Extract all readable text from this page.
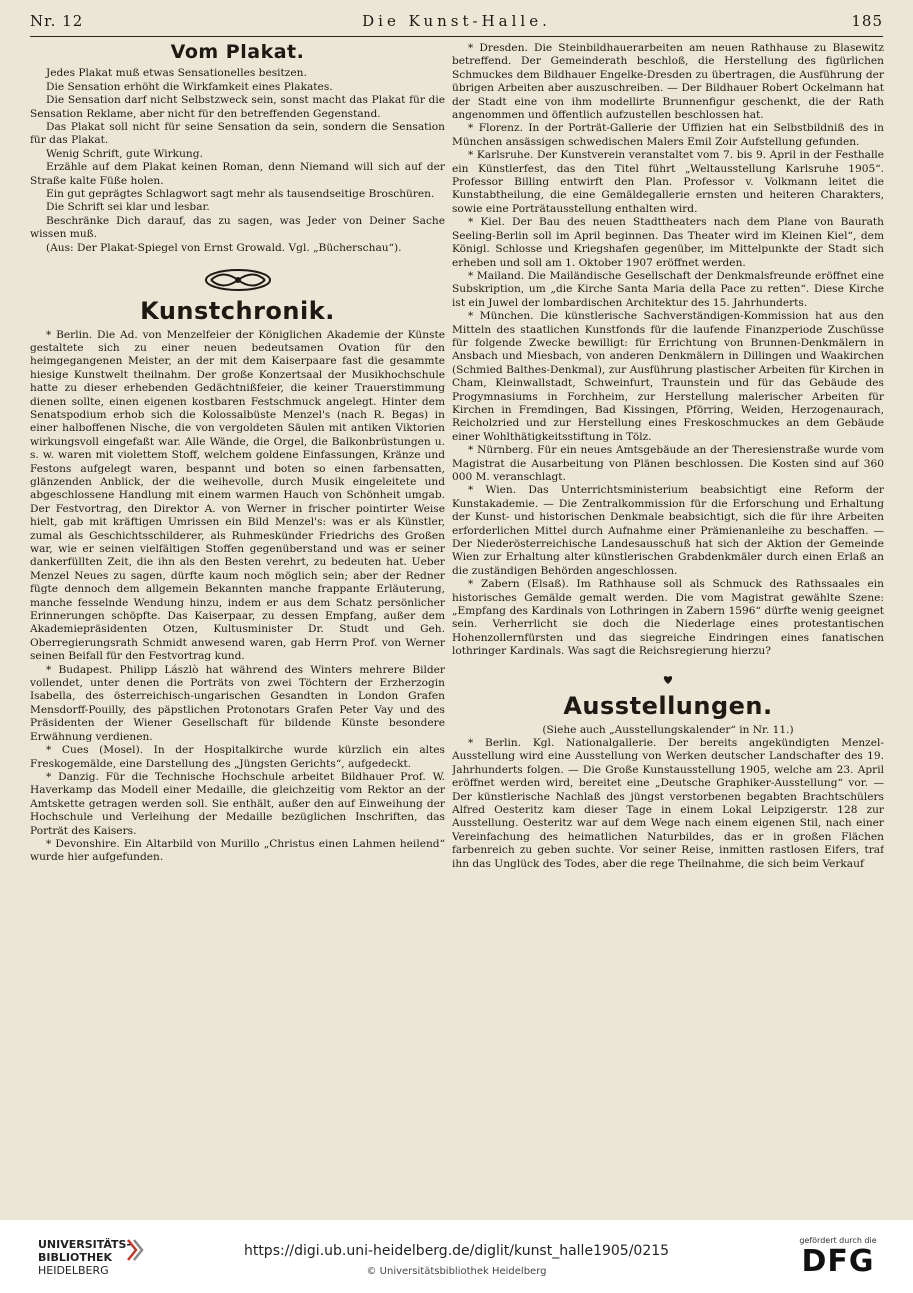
Nr. 12	Die Kunst-Halle.	185
Vom Plakat.

Jedes Plakat muß etwas Sensationelles besitzen.

Die Sensation erhöht die Wirkfamkeit eines Plakates.

Die Sensation darf nicht Selbstzweck sein, sonst macht das Plakat für die Sensation Reklame, aber nicht für den betreffenden Gegenstand.

Das Plakat soll nicht für seine Sensation da sein, sondern die Sensation für das Plakat.

Wenig Schrift, gute Wirkung.

Erzähle auf dem Plakat keinen Roman, denn Niemand will sich auf der Straße kalte Füße holen.

Ein gut geprägtes Schlagwort sagt mehr als tausendseitige Broschüren.

Die Schrift sei klar und lesbar.

Beschränke Dich darauf, das zu sagen, was Jeder von Deiner Sache wissen muß.

(Aus: Der Plakat-Spiegel von Ernst Growald. Vgl. „Bücherschau“).

Kunstchronik.

* Berlin. Die Ad. von Menzelfeier der Königlichen Akademie der Künste gestaltete sich zu einer neuen bedeutsamen Ovation für den heimgegangenen Meister, an der mit dem Kaiserpaare fast die gesammte hiesige Kunstwelt theilnahm. Der große Konzertsaal der Musikhochschule hatte zu dieser erhebenden Gedächtnißfeier, die keiner Trauerstimmung dienen sollte, einen eigenen kostbaren Festschmuck angelegt. Hinter dem Senatspodium erhob sich die Kolossalbüste Menzel's (nach R. Begas) in einer halboffenen Nische, die von vergoldeten Säulen mit antiken Viktorien wirkungsvoll eingefaßt war. Alle Wände, die Orgel, die Balkonbrüstungen u. s. w. waren mit violettem Stoff, welchem goldene Einfassungen, Kränze und Festons aufgelegt waren, bespannt und boten so einen farbensatten, glänzenden Anblick, der die weihevolle, durch Musik eingeleitete und abgeschlossene Handlung mit einem warmen Hauch von Schönheit umgab. Der Festvortrag, den Direktor A. von Werner in frischer pointirter Weise hielt, gab mit kräftigen Umrissen ein Bild Menzel's: was er als Künstler, zumal als Geschichtsschilderer, als Ruhmeskünder Friedrichs des Großen war, wie er seinen vielfältigen Stoffen gegenüberstand und was er seiner dankerfüllten Zeit, die ihn als den Besten verehrt, zu bedeuten hat. Ueber Menzel Neues zu sagen, dürfte kaum noch möglich sein; aber der Redner fügte dennoch dem allgemein Bekannten manche frappante Erläuterung, manche fesselnde Wendung hinzu, indem er aus dem Schatz persönlicher Erinnerungen schöpfte. Das Kaiserpaar, zu dessen Empfang, außer dem Akademiepräsidenten Otzen, Kultusminister Dr. Studt und Geh. Oberregierungsrath Schmidt anwesend waren, gab Herrn Prof. von Werner seinen Beifall für den Festvortrag kund.

* Budapest. Philipp Lászlò hat während des Winters mehrere Bilder vollendet, unter denen die Porträts von zwei Töchtern der Erzherzogin Isabella, des österreichisch-ungarischen Gesandten in London Grafen Mensdorff-Pouilly, des päpstlichen Protonotars Grafen Peter Vay und des Präsidenten der Wiener Gesellschaft für bildende Künste besondere Erwähnung verdienen.

* Cues (Mosel). In der Hospitalkirche wurde kürzlich ein altes Freskogemälde, eine Darstellung des „Jüngsten Gerichts“, aufgedeckt.

* Danzig. Für die Technische Hochschule arbeitet Bildhauer Prof. W. Haverkamp das Modell einer Medaille, die gleichzeitig vom Rektor an der Amtskette getragen werden soll. Sie enthält, außer den auf Einweihung der Hochschule und Verleihung der Medaille bezüglichen Inschriften, das Porträt des Kaisers.

* Devonshire. Ein Altarbild von Murillo „Christus einen Lahmen heilend“ wurde hier aufgefunden.

* Dresden. Die Steinbildhauerarbeiten am neuen Rathhause zu Blasewitz betreffend. Der Gemeinderath beschloß, die Herstellung des figürlichen Schmuckes dem Bildhauer Engelke-Dresden zu übertragen, die Ausführung der übrigen Arbeiten aber auszuschreiben. — Der Bildhauer Robert Ockelmann hat der Stadt eine von ihm modellirte Brunnenfigur geschenkt, die der Rath angenommen und öffentlich aufzustellen beschlossen hat.

* Florenz. In der Porträt-Gallerie der Uffizien hat ein Selbstbildniß des in München ansässigen schwedischen Malers Emil Zoir Aufstellung gefunden.

* Karlsruhe. Der Kunstverein veranstaltet vom 7. bis 9. April in der Festhalle ein Künstlerfest, das den Titel führt „Weltausstellung Karlsruhe 1905“. Professor Billing entwirft den Plan. Professor v. Volkmann leitet die Kunstabtheilung, die eine Gemäldegallerie ernsten und heiteren Charakters, sowie eine Porträtausstellung enthalten wird.

* Kiel. Der Bau des neuen Stadttheaters nach dem Plane von Baurath Seeling-Berlin soll im April beginnen. Das Theater wird im Kleinen Kiel“, dem Königl. Schlosse und Kriegshafen gegenüber, im Mittelpunkte der Stadt sich erheben und soll am 1. Oktober 1907 eröffnet werden.

* Mailand. Die Mailändische Gesellschaft der Denkmalsfreunde eröffnet eine Subskription, um „die Kirche Santa Maria della Pace zu retten“. Diese Kirche ist ein Juwel der lombardischen Architektur des 15. Jahrhunderts.

* München. Die künstlerische Sachverständigen-Kommission hat aus den Mitteln des staatlichen Kunstfonds für die laufende Finanzperiode Zuschüsse für folgende Zwecke bewilligt: für Errichtung von Brunnen-Denkmälern in Ansbach und Miesbach, von anderen Denkmälern in Dillingen und Waakirchen (Schmied Balthes-Denkmal), zur Ausführung plastischer Arbeiten für Kirchen in Cham, Kleinwallstadt, Schweinfurt, Traunstein und für das Gebäude des Progymnasiums in Forchheim, zur Herstellung malerischer Arbeiten für Kirchen in Fremdingen, Bad Kissingen, Pförring, Weiden, Herzogenaurach, Reicholzried und zur Herstellung eines Freskoschmuckes an dem Gebäude einer Wohlthätigkeitsstiftung in Tölz.

* Nürnberg. Für ein neues Amtsgebäude an der Theresienstraße wurde vom Magistrat die Ausarbeitung von Plänen beschlossen. Die Kosten sind auf 360 000 M. veranschlagt.

* Wien. Das Unterrichtsministerium beabsichtigt eine Reform der Kunstakademie. — Die Zentralkommission für die Erforschung und Erhaltung der Kunst- und historischen Denkmale beabsichtigt, sich die für ihre Arbeiten erforderlichen Mittel durch Aufnahme einer Prämienanleihe zu beschaffen. — Der Niederösterreichische Landesausschuß hat sich der Aktion der Gemeinde Wien zur Erhaltung alter künstlerischen Grabdenkmäler durch einen Erlaß an die zuständigen Behörden angeschlossen.

* Zabern (Elsaß). Im Rathhause soll als Schmuck des Rathssaales ein historisches Gemälde gemalt werden. Die vom Magistrat gewählte Szene: „Empfang des Kardinals von Lothringen in Zabern 1596“ dürfte wenig geeignet sein. Verherrlicht sie doch die Niederlage eines protestantischen Hohenzollernfürsten und das siegreiche Eindringen eines fanatischen lothringer Kardinals. Was sagt die Reichsregierung hierzu?

Ausstellungen.

(Siehe auch „Ausstellungskalender“ in Nr. 11.)

* Berlin. Kgl. Nationalgallerie. Der bereits angekündigten Menzel-Ausstellung wird eine Ausstellung von Werken deutscher Landschafter des 19. Jahrhunderts folgen. — Die Große Kunstausstellung 1905, welche am 23. April eröffnet werden wird, bereitet eine „Deutsche Graphiker-Ausstellung“ vor. — Der künstlerische Nachlaß des jüngst verstorbenen begabten Brachtschülers Alfred Oesteritz kam dieser Tage in einem Lokal Leipzigerstr. 128 zur Ausstellung. Oesteritz war auf dem Wege nach einem eigenen Stil, nach einer Vereinfachung des heimatlichen Naturbildes, das er in großen Flächen farbenreich zu geben suchte. Vor seiner Reise, inmitten rastlosen Eifers, traf ihn das Unglück des Todes, aber die rege Theilnahme, die sich beim Verkauf

UNIVERSITÄTS-
BIBLIOTHEK
HEIDELBERG
https://digi.ub.uni-heidelberg.de/diglit/kunst_halle1905/0215
© Universitätsbibliothek Heidelberg
gefördert durch die
DFG
